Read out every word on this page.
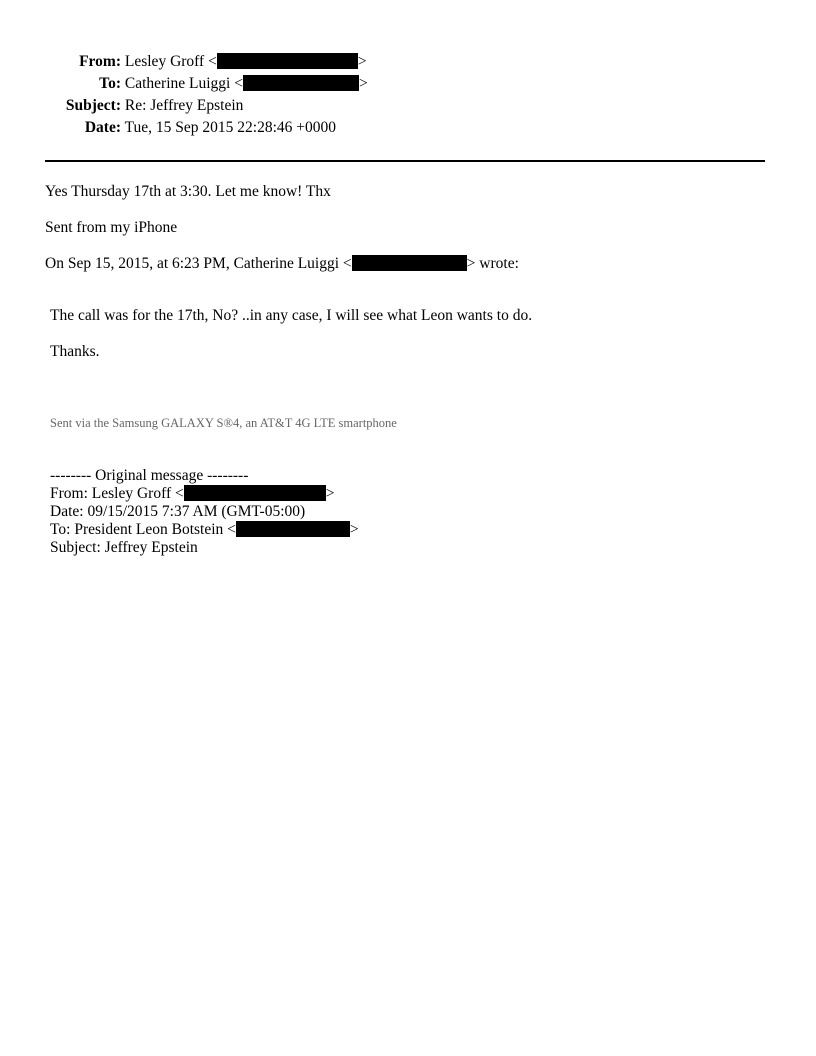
From: Lesley Groff <	>
To: Catherine Luiggi <	>
Subject: Re: Jeffrey Epstein
Date: Tue, 15 Sep 2015 22:28:46 +0000
Yes Thursday 17th at 3:30. Let me know! Thx
Sent from my iPhone
On Sep 15, 2015, at 6:23 PM, Catherine Luiggi <	> wrote:
The call was for the 17th, No? ..in any case, I will see what Leon wants to do.
Thanks.
Sent via the Samsung GALAXY S®4, an AT&T 4G LTE smartphone
-------- Original message --------
From: Lesley Groff <	>
Date: 09/15/2015 7:37 AM (GMT-05:00)
To: President Leon Botstein <	>
Subject: Jeffrey Epstein
